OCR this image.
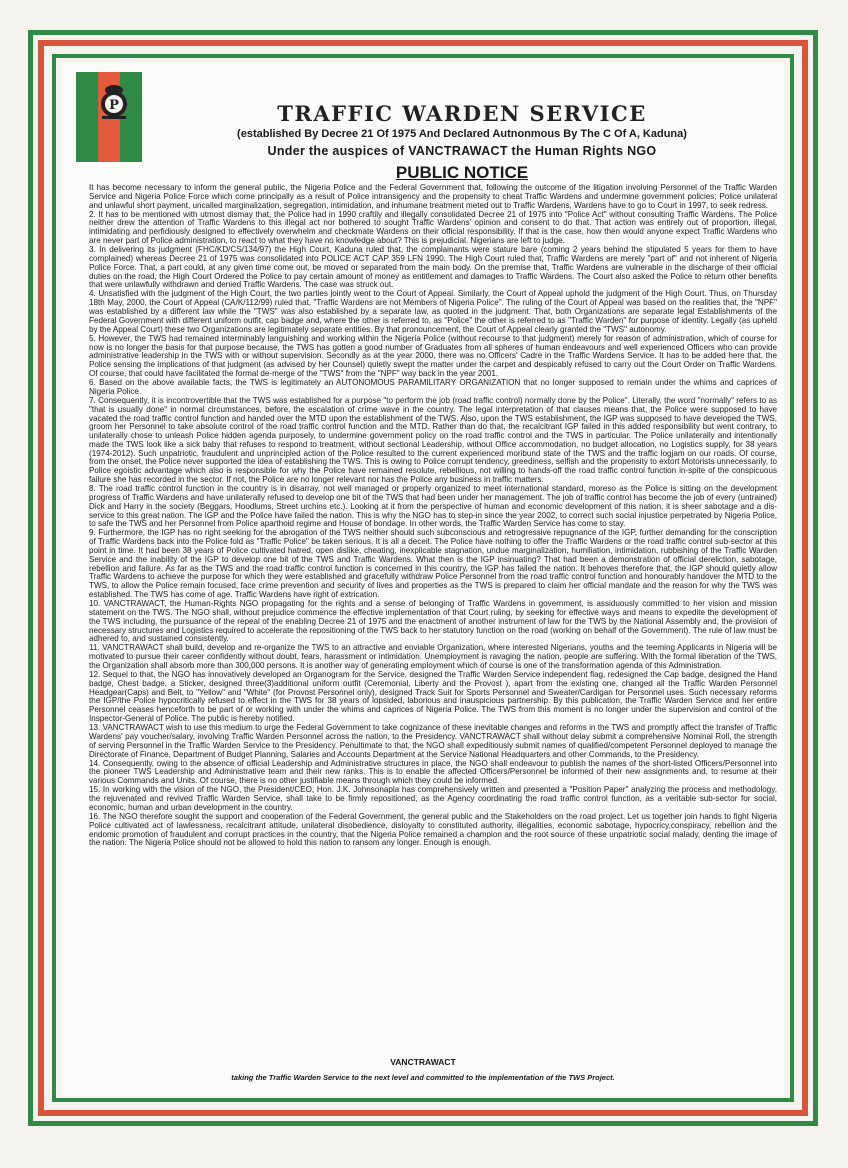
P	TRAFFIC WARDEN SERVICE
(established By Decree 21 Of 1975 And Declared Autnonmous By The C Of A, Kaduna)
Under the auspices of VANCTRAWACT the Human Rights NGO
PUBLIC NOTICE

It has become necessary to inform the general public, the Nigeria Police and the Federal Government that, following the outcome of the litigation involving Personnel of the Traffic Warden Service and Nigeria Police Force which come principally as a result of Police intransigency and the propensity to cheat Traffic Wardens and undermine government policies; Police unilateral and unlawful short payment, uncalled marginalization, segregation, intimidation, and inhumane treatment meted out to Traffic Wardens, Wardens have to go to Court in 1997, to seek redress.

2. It has to be mentioned with utmost dismay that, the Police had in 1990 craftily and illegally consolidated Decree 21 of 1975 into "Police Act" without consulting Traffic Wardens. The Police neither drew the attention of Traffic Wardens to this illegal act nor bothered to sought Traffic Wardens' opinion and consent to do that. That action was entirely out of proportion, illegal, intimidating and perfidiously designed to effectively overwhelm and checkmate Wardens on their official responsibility. If that is the case, how then would anyone expect Traffic Wardens who are never part of Police administration, to react to what they have no knowledge about? This is prejudicial. Nigerians are left to judge.

3. In delivering its judgment (FHC/KD/CS/134/97) the High Court, Kaduna ruled that, the complainants were stature bare (coming 2 years behind the stipulated 5 years for them to have complained) whereas Decree 21 of 1975 was consolidated into POLICE ACT CAP 359 LFN 1990. The High Court ruled that, Traffic Wardens are merely "part of" and not inherent of Nigeria Police Force. That, a part could, at any given time come out, be moved or separated from the main body. On the premise that, Traffic Wardens are vulnerable in the discharge of their official duties on the road, the High Court Ordered the Police to pay certain amount of money as entitlement and damages to Traffic Wardens. The Court also asked the Police to return other benefits that were unlawfully withdrawn and denied Traffic Wardens. The case was struck out.

4. Unsatisfied with the judgment of the High Court, the two parties jointly went to the Court of Appeal. Similarly, the Court of Appeal uphold the judgment of the High Court. Thus, on Thursday 18th May, 2000, the Court of Appeal (CA/K/112/99) ruled that, "Traffic Wardens are not Members of Nigeria Police". The ruling of the Court of Appeal was based on the realities that, the "NPF" was established by a different law while the "TWS" was also established by a separate law, as quoted in the judgment. That, both Organizations are separate legal Establishments of the Federal Government with different uniform outfit, cap badge and, where the other is referred to, as "Police" the other is referred to as "Traffic Warden" for purpose of identity. Legally (as upheld by the Appeal Court) these two Organizations are legitimately separate entities. By that pronouncement, the Court of Appeal clearly granted the "TWS" autonomy.

5. However, the TWS had remained interminably languishing and working within the Nigeria Police (without recourse to that judgment) merely for reason of administration, which of course for now is no longer the basis for that purpose because, the TWS has gotten a good number of Graduates from all spheres of human endeavours and well experienced Officers who can provide administrative leadership in the TWS with or without supervision. Secondly as at the year 2000, there was no Officers' Cadre in the Traffic Wardens Service. It has to be added here that, the Police sensing the implications of that judgment (as advised by her Counsel) quietly swept the matter under the carpet and despicably refused to carry out the Court Order on Traffic Wardens. Of course, that could have facilitated the formal de-merge of the "TWS" from the "NPF" way back in the year 2001.

6. Based on the above available facts, the TWS is legitimately an AUTONOMOUS PARAMILITARY ORGANIZATION that no longer supposed to remain under the whims and caprices of Nigeria Police.

7. Consequently, it is incontrovertible that the TWS was established for a purpose "to perform the job (road traffic control) normally done by the Police". Literally, the word "normally" refers to as "that is usually done" in normal circumstances, before, the escalation of crime wave in the country. The legal interpretation of that clauses means that, the Police were supposed to have vacated the road traffic control function and handed over the MTD upon the establishment of the TWS. Also, upon the TWS establishment, the IGP was supposed to have developed the TWS, groom her Personnel to take absolute control of the road traffic control function and the MTD. Rather than do that, the recalcitrant IGP failed in this added responsibility but went contrary, to unilaterally chose to unleash Police hidden agenda purposely, to undermine government policy on the road traffic control and the TWS in particular. The Police unilaterally and intentionally made the TWS look like a sick baby that refuses to respond to treatment, without sectional Leadership, without Office accommodation, no budget allocation, no Logistics supply, for 38 years (1974-2012). Such unpatriotic, fraudulent and unprincipled action of the Police resulted to the current experienced moribund state of the TWS and the traffic logjam on our roads. Of course, from the onset, the Police never supported the idea of establishing the TWS. This is owing to Police corrupt tendency, greediness, selfish and the propensity to extort Motorists unnecessarily, to Police egoistic advantage which also is responsible for why the Police have remained resolute, rebellious, not willing to hands-off the road traffic control function in-spite of the conspicuous failure she has recorded in the sector. If not, the Police are no longer relevant nor has the Police any business in traffic matters.

8. The road traffic control function in the country is in disarray, not well managed or properly organized to meet international standard, moreso as the Police is sitting on the development progress of Traffic Wardens and have unilaterally refused to develop one bit of the TWS that had been under her management. The job of traffic control has become the job of every (untrained) Dick and Harry in the society (Beggars, Hoodlums, Street urchins etc.). Looking at it from the perspective of human and economic development of this nation, it is sheer sabotage and a dis-service to this great nation. The IGP and the Police have failed the nation. This is why the NGO has to step-in since the year 2002, to correct such social injustice perpetrated by Nigeria Police, to safe the TWS and her Personnel from Police aparthoid regime and House of bondage. In other words, the Traffic Warden Service has come to stay.

9. Furthermore, the IGP has no right seeking for the abrogation of the TWS neither should such subconscious and retrogressive repugnance of the IGP, further demanding for the conscription of Traffic Wardens back into the Police fold as "Traffic Police" be taken serious. It is all a deceit. The Police have nothing to offer the Traffic Wardens or the road traffic control sub-sector at this point in time. It had been 38 years of Police cultivated hatred, open dislike, cheating, inexplicable stagnation, undue marginalization, humiliation, intimidation, rubbishing of the Traffic Warden Service and the inability of the IGP to develop one bit of the TWS and Traffic Wardens. What then is the IGP insinuating? That had been a demonstration of official dereliction, sabotage, rebellion and failure. As far as the TWS and the road traffic control function is concerned in this country, the IGP has failed the nation. It behoves therefore that, the IGP should quietly allow Traffic Wardens to achieve the purpose for which they were established and gracefully withdraw Police Personnel from the road traffic control function and honourably handover the MTD to the TWS, to allow the Police remain focused, face crime prevention and security of lives and properties as the TWS is prepared to claim her official mandate and the reason for why the TWS was established. The TWS has come of age. Traffic Wardens have right of extrication.

10. VANCTRAWACT, the Human-Rights NGO propagating for the rights and a sense of belonging of Traffic Wardens in government, is assiduously committed to her vision and mission statement on the TWS. The NGO shall, without prejudice commence the effective implementation of that Court ruling, by seeking for effective ways and means to expedite the development of the TWS including, the pursuance of the repeal of the enabling Decree 21 of 1975 and the enactment of another instrument of law for the TWS by the National Assembly and, the provision of necessary structures and Logistics required to accelerate the repositioning of the TWS back to her statutory function on the road (working on behalf of the Government). The rule of law must be adhered to, and sustained consistently.

11. VANCTRAWACT shall build, develop and re-organize the TWS to an attractive and enviable Organization, where interested Nigerians, youths and the teeming Applicants in Nigeria will be motivated to pursue their career confidently without doubt, fears, harassment or intimidation. Unemployment is ravaging the nation, people are suffering. With the formal liberation of the TWS, the Organization shall absorb more than 300,000 persons. It is another way of generating employment which of course is one of the transformation agenda of this Administration.

12. Sequel to that, the NGO has innovatively developed an Organogram for the Service, designed the Traffic Warden Service independent flag, redesigned the Cap badge, designed the Hand badge, Chest badge, a Sticker, designed three(3)additional uniform outfit (Ceremonial, Liberty and the Provost ), apart from the existing one, changed all the Traffic Warden Personnel Headgear(Caps) and Belt, to "Yellow" and "White" (for Provost Personnel only), designed Track Suit for Sports Personnel and Sweater/Cardigan for Personnel uses. Such necessary reforms the IGP/the Police hypocritically refused to effect in the TWS for 38 years of lopsided, laborious and inauspicious partnership. By this publication, the Traffic Warden Service and her entire Personnel ceases henceforth to be part of or working with under the whims and caprices of Nigeria Police. The TWS from this moment is no longer under the supervision and control of the Inspector-General of Police. The public is hereby notified.

13. VANCTRAWACT wish to use this medium to urge the Federal Government to take cognizance of these inevitable changes and reforms in the TWS and promptly affect the transfer of Traffic Wardens' pay voucher/salary, involving Traffic Warden Personnel across the nation, to the Presidency. VANCTRAWACT shall without delay submit a comprehensive Nominal Roll, the strength of serving Personnel in the Traffic Warden Service to the Presidency. Penultimate to that, the NGO shall expeditiously submit names of qualified/competent Personnel deployed to manage the Directorate of Finance, Department of Budget Planning, Salaries and Accounts Department at the Service National Headquarters and other Commands, to the Presidency.

14. Consequently, owing to the absence of official Leadership and Administrative structures in place, the NGO shall endeavour to publish the names of the short-listed Officers/Personnel into the pioneer TWS Leadership and Administrative team and their new ranks. This is to enable the affected Officers/Personnel be informed of their new assignments and, to resume at their various Commands and Units. Of course, there is no other justifiable means through which they could be informed.

15. In working with the vision of the NGO, the President/CEO, Hon. J.K. Johnsonapla has comprehensively written and presented a "Position Paper" analyzing the process and methodology, the rejuvenated and revived Traffic Warden Service, shall take to be firmly repositioned, as the Agency coordinating the road traffic control function, as a veritable sub-sector for social, economic, human and urban development in the country.

16. The NGO therefore sought the support and cooperation of the Federal Government, the general public and the Stakeholders on the road project. Let us together join hands to fight Nigeria Police cultivated act of lawlessness, recalcitrant attitude, unilateral disobedience, disloyalty to constituted authority, illegalities, economic sabotage, hypocricy,conspiracy, rebellion and the endomic promotion of fraudulent and corrupt practices in the country, that the Nigeria Police remained a champion and the root source of these unpatriotic social malady, denting the image of the nation. The Nigeria Police should not be allowed to hold this nation to ransom any longer. Enough is enough.

VANCTRAWACT
taking the Traffic Warden Service to the next level and committed to the implementation of the TWS Project.
